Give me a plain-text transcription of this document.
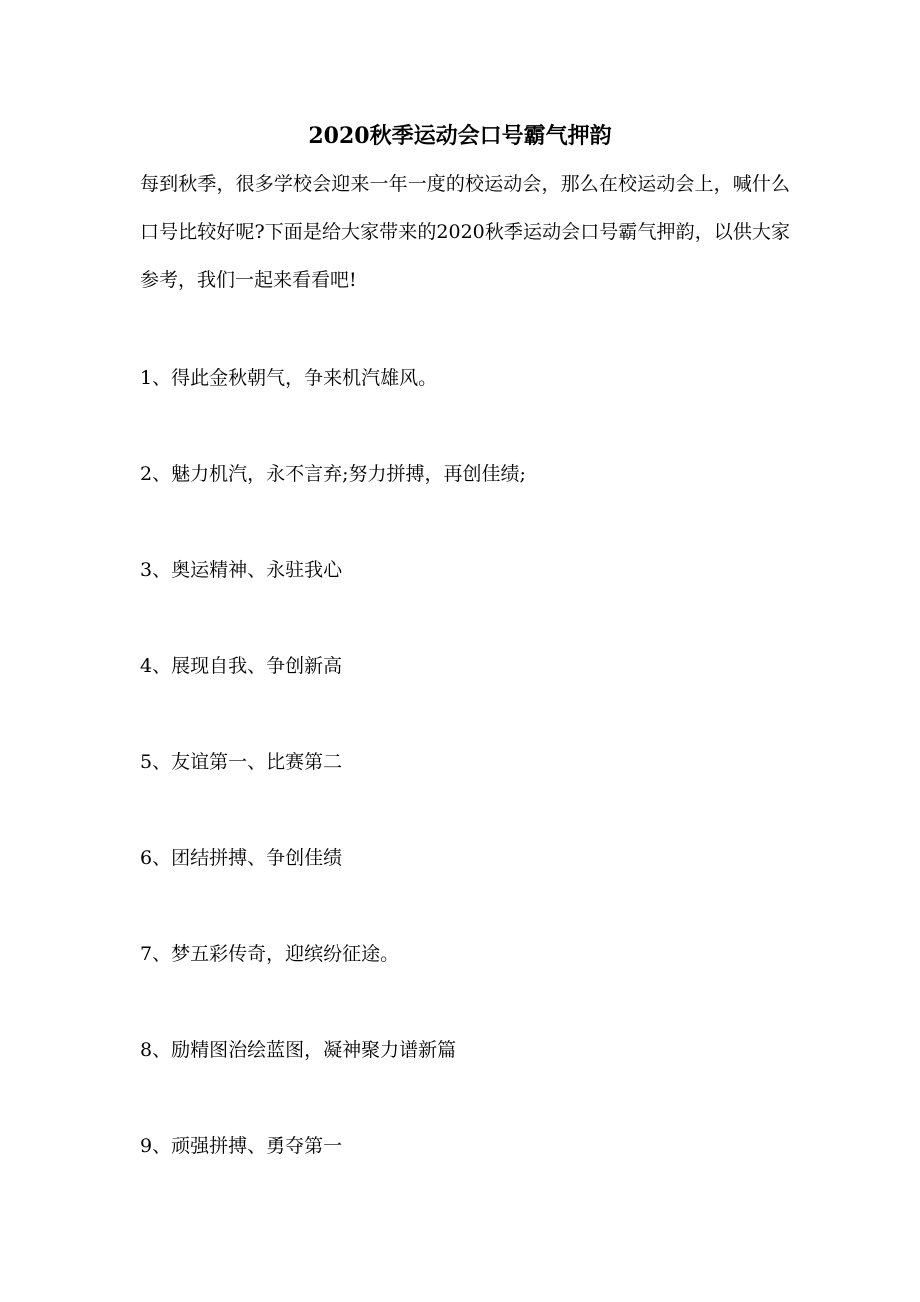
2020秋季运动会口号霸气押韵

每到秋季，很多学校会迎来一年一度的校运动会，那么在校运动会上，喊什么口号比较好呢?下面是给大家带来的2020秋季运动会口号霸气押韵，以供大家参考，我们一起来看看吧!

1、得此金秋朝气，争来机汽雄风。
2、魅力机汽，永不言弃;努力拼搏，再创佳绩;
3、奥运精神、永驻我心
4、展现自我、争创新高
5、友谊第一、比赛第二
6、团结拼搏、争创佳绩
7、梦五彩传奇，迎缤纷征途。
8、励精图治绘蓝图，凝神聚力谱新篇
9、顽强拼搏、勇夺第一
